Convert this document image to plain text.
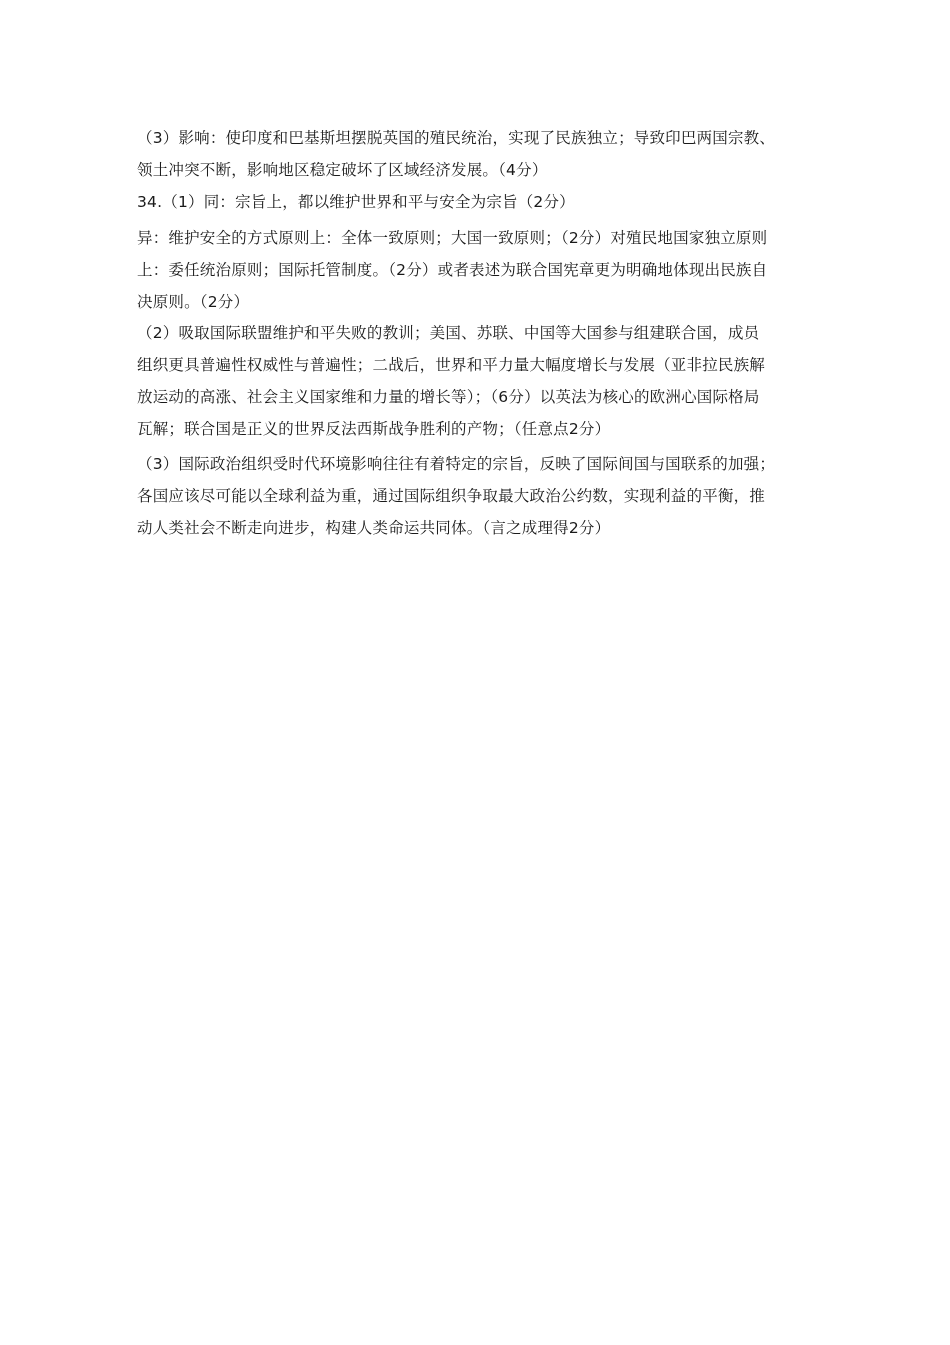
（3）影响：使印度和巴基斯坦摆脱英国的殖民统治，实现了民族独立；导致印巴两国宗教、
领土冲突不断，影响地区稳定破坏了区域经济发展。（4分）
34.（1）同：宗旨上，都以维护世界和平与安全为宗旨（2分）
异：维护安全的方式原则上：全体一致原则；大国一致原则；（2分）对殖民地国家独立原则
上：委任统治原则；国际托管制度。（2分）或者表述为联合国宪章更为明确地体现出民族自
决原则。（2分）
（2）吸取国际联盟维护和平失败的教训；美国、苏联、中国等大国参与组建联合国，成员
组织更具普遍性权威性与普遍性；二战后，世界和平力量大幅度增长与发展（亚非拉民族解
放运动的高涨、社会主义国家维和力量的增长等）；（6分）以英法为核心的欧洲心国际格局
瓦解；联合国是正义的世界反法西斯战争胜利的产物；（任意点2分）
（3）国际政治组织受时代环境影响往往有着特定的宗旨，反映了国际间国与国联系的加强；
各国应该尽可能以全球利益为重，通过国际组织争取最大政治公约数，实现利益的平衡，推
动人类社会不断走向进步，构建人类命运共同体。（言之成理得2分）
